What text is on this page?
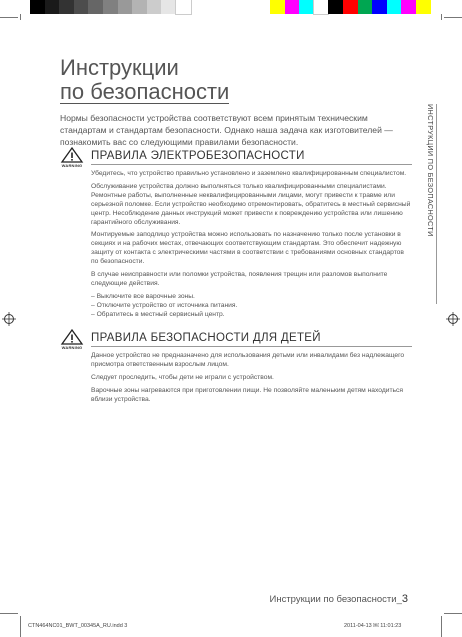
Инструкции
по безопасности

Нормы безопасности устройства соответствуют всем принятым техническим стандартам и стандартам безопасности. Однако наша задача как изготовителей — познакомить вас со следующими правилами безопасности.

WARNING
ПРАВИЛА ЭЛЕКТРОБЕЗОПАСНОСТИ

Убедитесь, что устройство правильно установлено и заземлено квалифицированным специалистом.

Обслуживание устройства должно выполняться только квалифицированными специалистами. Ремонтные работы, выполненные неквалифицированными лицами, могут привести к травме или серьезной поломке. Если устройство необходимо отремонтировать, обратитесь в местный сервисный центр. Несоблюдение данных инструкций может привести к повреждению устройства или лишению гарантийного обслуживания.

Монтируемые заподлицо устройства можно использовать по назначению только после установки в секциях и на рабочих местах, отвечающих соответствующим стандартам. Это обеспечит надежную защиту от контакта с электрическими частями в соответствии с требованиями основных стандартов по безопасности.

В случае неисправности или поломки устройства, появления трещин или разломов выполните следующие действия.

– Выключите все варочные зоны.

– Отключите устройство от источника питания.

– Обратитесь в местный сервисный центр.

WARNING
ПРАВИЛА БЕЗОПАСНОСТИ ДЛЯ ДЕТЕЙ

Данное устройство не предназначено для использования детьми или инвалидами без надлежащего присмотра ответственным взрослым лицом.

Следует проследить, чтобы дети не играли с устройством.

Варочные зоны нагреваются при приготовлении пищи. Не позволяйте маленьким детям находиться вблизи устройства.

ИНСТРУКЦИИ ПО БЕЗОПАСНОСТИ
Инструкции по безопасности_3
CTN464NC01_BWT_00345A_RU.indd 3	2011-04-13 ￼ 11:01:23
